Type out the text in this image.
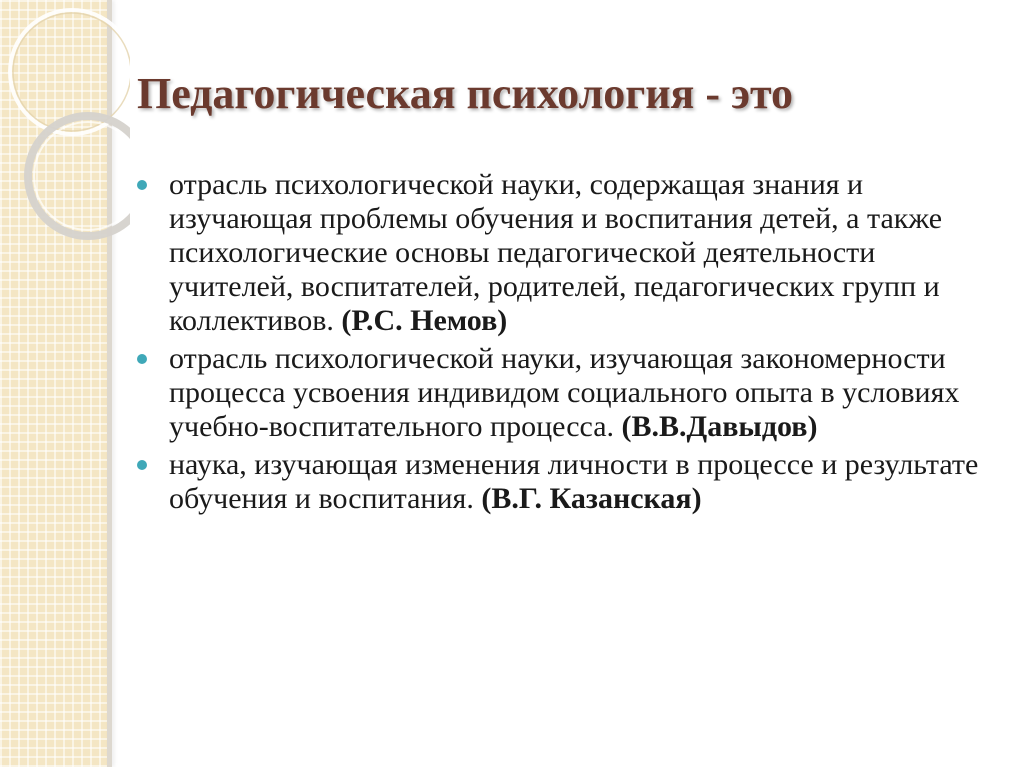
Педагогическая психология - это
отрасль психологической науки, содержащая знания и изучающая проблемы обучения и воспитания детей, а также психологические основы педагогической деятельности учителей, воспитателей, родителей, педагогических групп и коллективов. (Р.С. Немов)
отрасль психологической науки, изучающая закономерности процесса усвоения индивидом социального опыта в условиях учебно-воспитательного процесса. (В.В.Давыдов)
наука, изучающая изменения личности в процессе и результате обучения и воспитания. (В.Г. Казанская)
